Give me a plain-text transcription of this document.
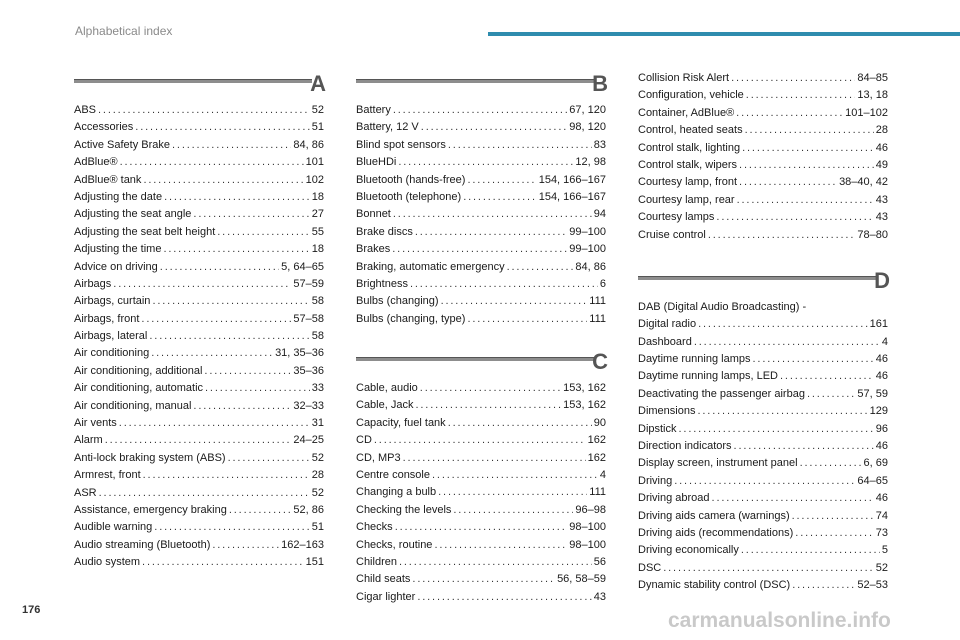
Alphabetical index
A
ABS . . .	52
Accessories . . .	51
Active Safety Brake . . .	84, 86
AdBlue® . . .	101
AdBlue® tank . . .	102
Adjusting the date . . .	18
Adjusting the seat angle . . .	27
Adjusting the seat belt height . . .	55
Adjusting the time . . .	18
Advice on driving . . .	5, 64–65
Airbags . . .	57–59
Airbags, curtain . . .	58
Airbags, front . . .	57–58
Airbags, lateral . . .	58
Air conditioning . . .	31, 35–36
Air conditioning, additional . . .	35–36
Air conditioning, automatic . . .	33
Air conditioning, manual . . .	32–33
Air vents . . .	31
Alarm . . .	24–25
Anti-lock braking system (ABS) . . .	52
Armrest, front . . .	28
ASR . . .	52
Assistance, emergency braking . . .	52, 86
Audible warning . . .	51
Audio streaming (Bluetooth) . . .	162–163
Audio system . . .	151
B
Battery . . .	67, 120
Battery, 12 V . . .	98, 120
Blind spot sensors . . .	83
BlueHDi . . .	12, 98
Bluetooth (hands-free) . . .	154, 166–167
Bluetooth (telephone) . . .	154, 166–167
Bonnet . . .	94
Brake discs . . .	99–100
Brakes . . .	99–100
Braking, automatic emergency . . .	84, 86
Brightness . . .	6
Bulbs (changing) . . .	111
Bulbs (changing, type) . . .	111
C
Cable, audio . . .	153, 162
Cable, Jack . . .	153, 162
Capacity, fuel tank . . .	90
CD . . .	162
CD, MP3 . . .	162
Centre console . . .	4
Changing a bulb . . .	111
Checking the levels . . .	96–98
Checks . . .	98–100
Checks, routine . . .	98–100
Children . . .	56
Child seats . . .	56, 58–59
Cigar lighter . . .	43
Collision Risk Alert . . .	84–85
Configuration, vehicle . . .	13, 18
Container, AdBlue® . . .	101–102
Control, heated seats . . .	28
Control stalk, lighting . . .	46
Control stalk, wipers . . .	49
Courtesy lamp, front . . .	38–40, 42
Courtesy lamp, rear . . .	43
Courtesy lamps . . .	43
Cruise control . . .	78–80
D
DAB (Digital Audio Broadcasting) -
Digital radio . . .	161
Dashboard . . .	4
Daytime running lamps . . .	46
Daytime running lamps, LED . . .	46
Deactivating the passenger airbag . . .	57, 59
Dimensions . . .	129
Dipstick . . .	96
Direction indicators . . .	46
Display screen, instrument panel . . .	6, 69
Driving . . .	64–65
Driving abroad . . .	46
Driving aids camera (warnings) . . .	74
Driving aids (recommendations) . . .	73
Driving economically . . .	5
DSC . . .	52
Dynamic stability control (DSC) . . .	52–53
176	carmanualsonline.info
